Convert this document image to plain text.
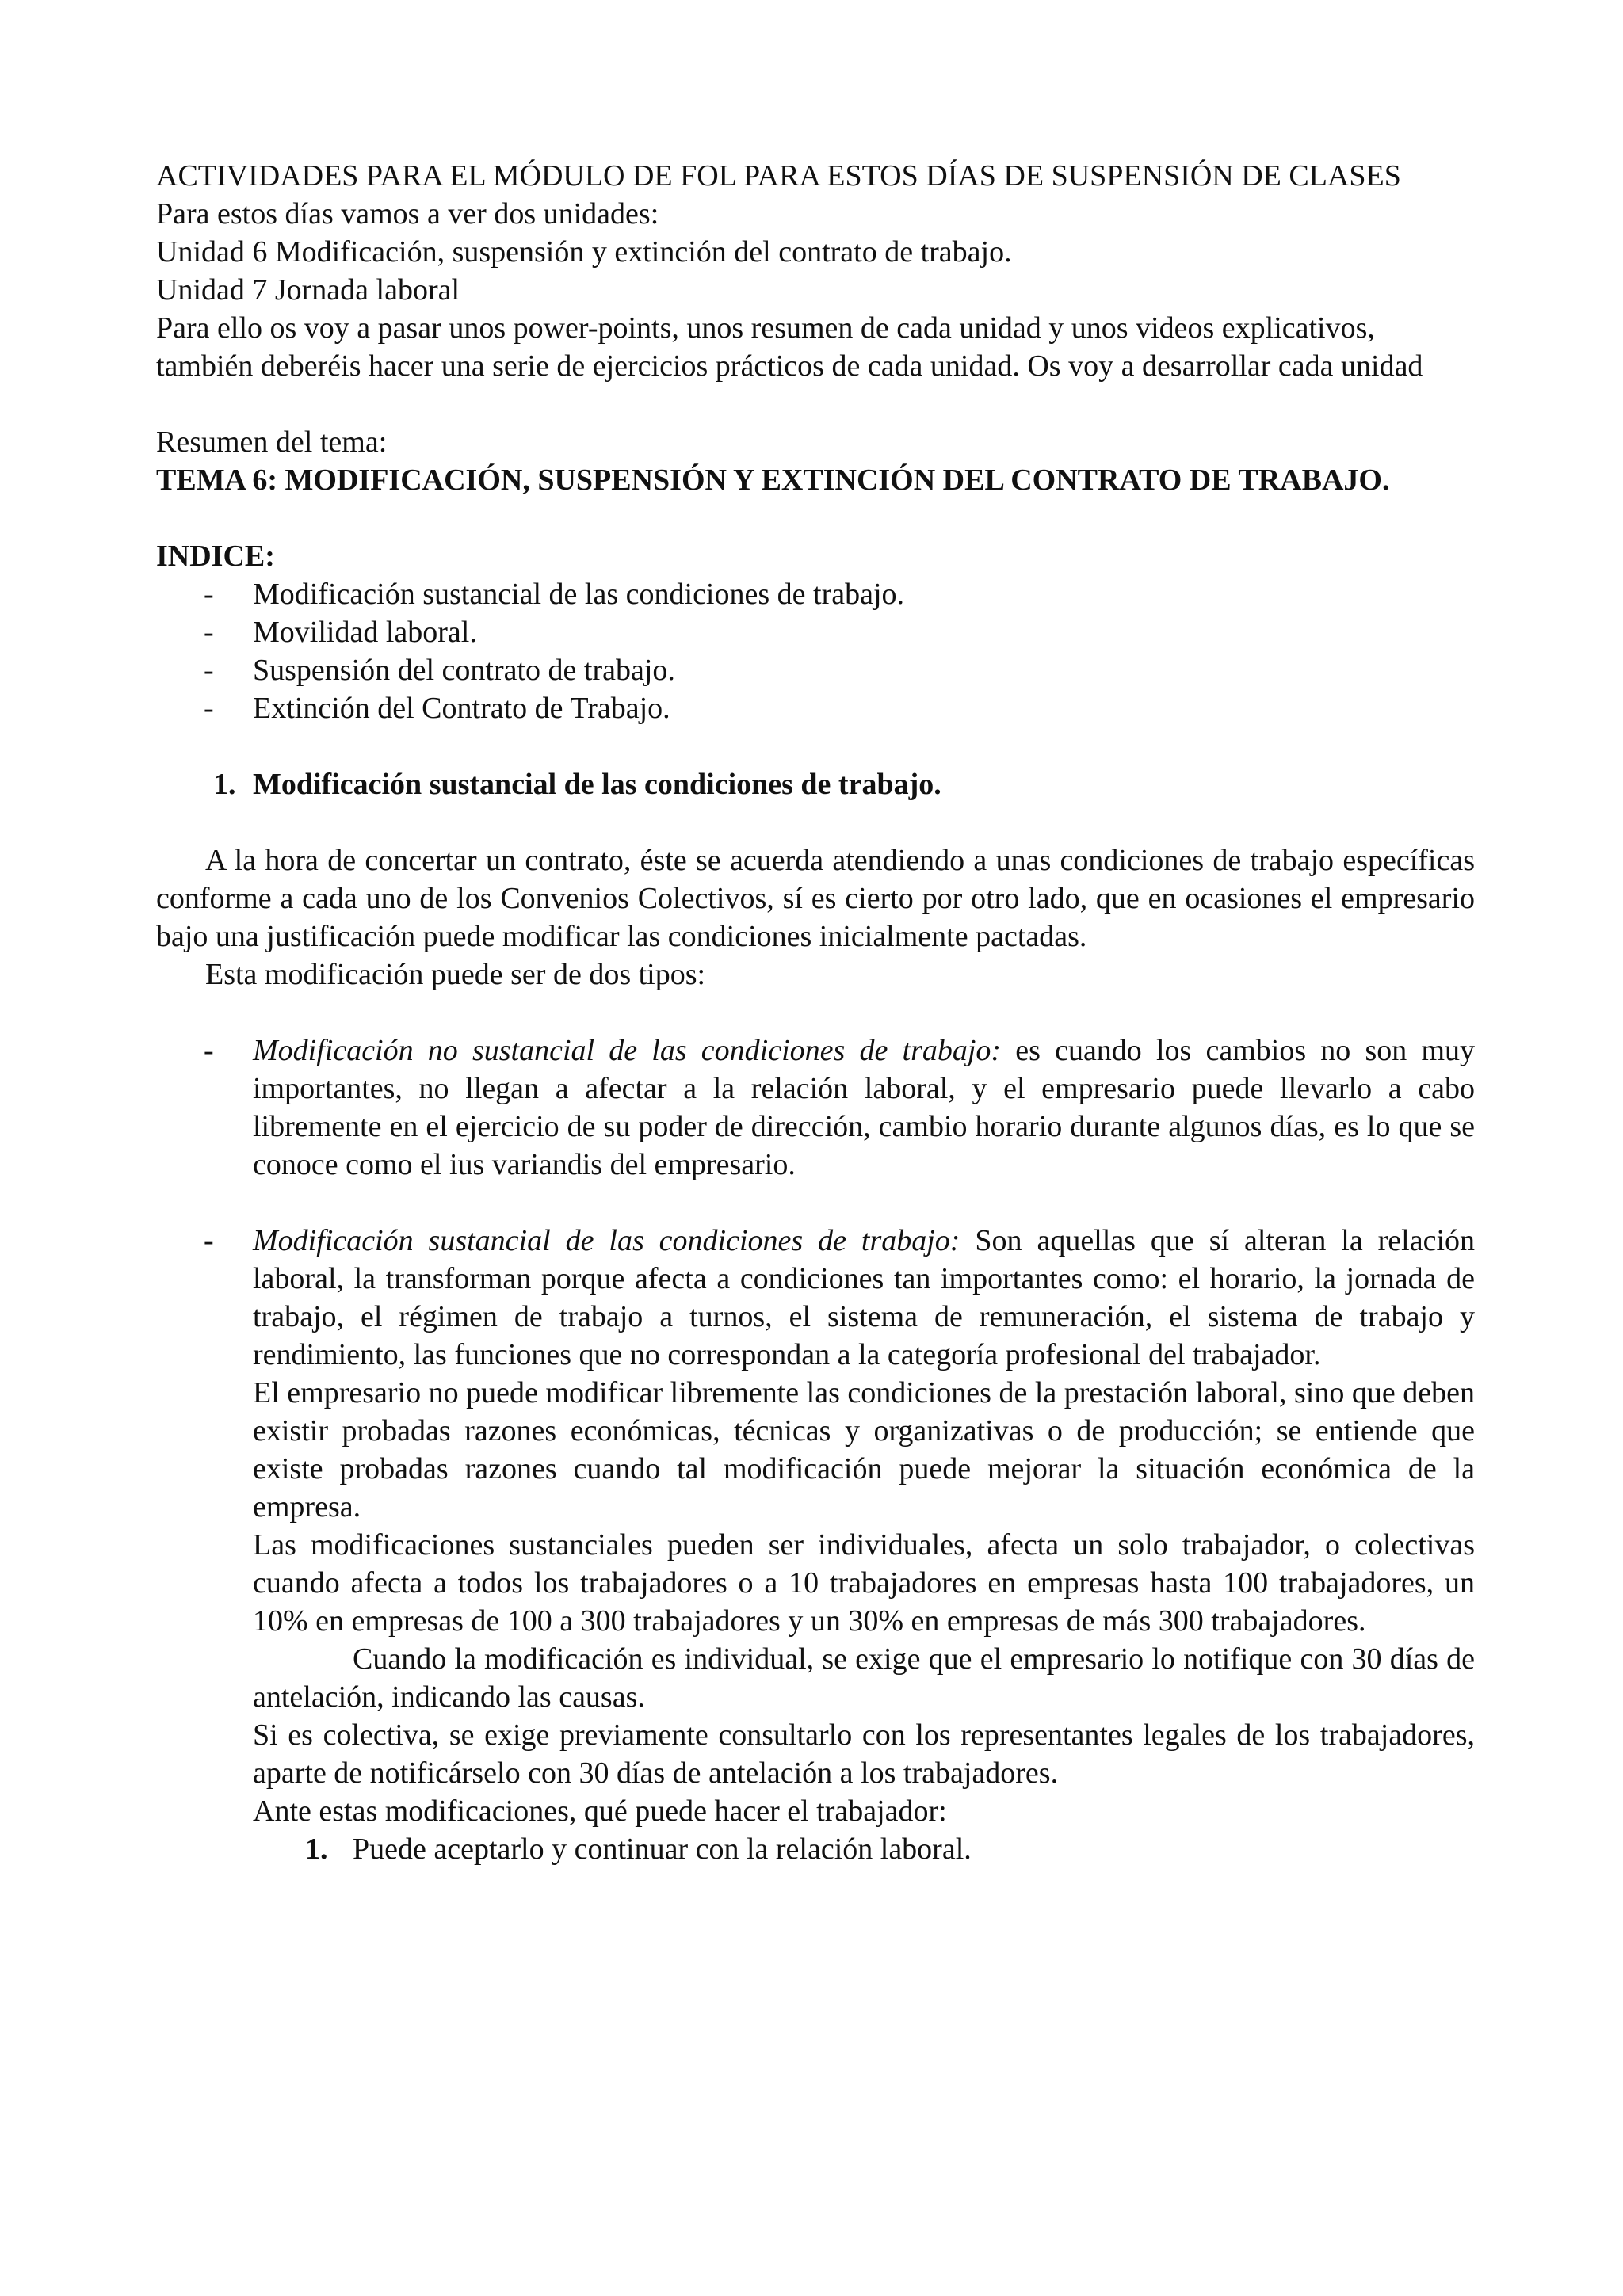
ACTIVIDADES PARA EL MÓDULO DE FOL PARA ESTOS DÍAS DE SUSPENSIÓN DE CLASES
Para estos días vamos a ver dos unidades:
Unidad 6 Modificación, suspensión y extinción del contrato de trabajo.
Unidad 7 Jornada laboral
Para ello os voy a pasar unos power-points, unos resumen de cada unidad y unos videos explicativos, también deberéis hacer una serie de ejercicios prácticos de cada unidad. Os voy a desarrollar cada unidad
Resumen del tema:
TEMA 6: MODIFICACIÓN, SUSPENSIÓN Y EXTINCIÓN DEL CONTRATO DE TRABAJO.
INDICE:
- Modificación sustancial de las condiciones de trabajo.
- Movilidad laboral.
- Suspensión del contrato de trabajo.
- Extinción del Contrato de Trabajo.
1. Modificación sustancial de las condiciones de trabajo.
A la hora de concertar un contrato, éste se acuerda atendiendo a unas condiciones de trabajo específicas conforme a cada uno de los Convenios Colectivos, sí es cierto por otro lado, que en ocasiones el empresario bajo una justificación puede modificar las condiciones inicialmente pactadas.
Esta modificación puede ser de dos tipos:
- Modificación no sustancial de las condiciones de trabajo: es cuando los cambios no son muy importantes, no llegan a afectar a la relación laboral, y el empresario puede llevarlo a cabo libremente en el ejercicio de su poder de dirección, cambio horario durante algunos días, es lo que se conoce como el ius variandis del empresario.
- Modificación sustancial de las condiciones de trabajo: Son aquellas que sí alteran la relación laboral, la transforman porque afecta a condiciones tan importantes como: el horario, la jornada de trabajo, el régimen de trabajo a turnos, el sistema de remuneración, el sistema de trabajo y rendimiento, las funciones que no correspondan a la categoría profesional del trabajador.
El empresario no puede modificar libremente las condiciones de la prestación laboral, sino que deben existir probadas razones económicas, técnicas y organizativas o de producción; se entiende que existe probadas razones cuando tal modificación puede mejorar la situación económica de la empresa.
Las modificaciones sustanciales pueden ser individuales, afecta un solo trabajador, o colectivas cuando afecta a todos los trabajadores o a 10 trabajadores en empresas hasta 100 trabajadores, un 10% en empresas de 100 a 300 trabajadores y un 30% en empresas de más 300 trabajadores.
Cuando la modificación es individual, se exige que el empresario lo notifique con 30 días de antelación, indicando las causas.
Si es colectiva, se exige previamente consultarlo con los representantes legales de los trabajadores, aparte de notificárselo con 30 días de antelación a los trabajadores.
Ante estas modificaciones, qué puede hacer el trabajador:
1. Puede aceptarlo y continuar con la relación laboral.
